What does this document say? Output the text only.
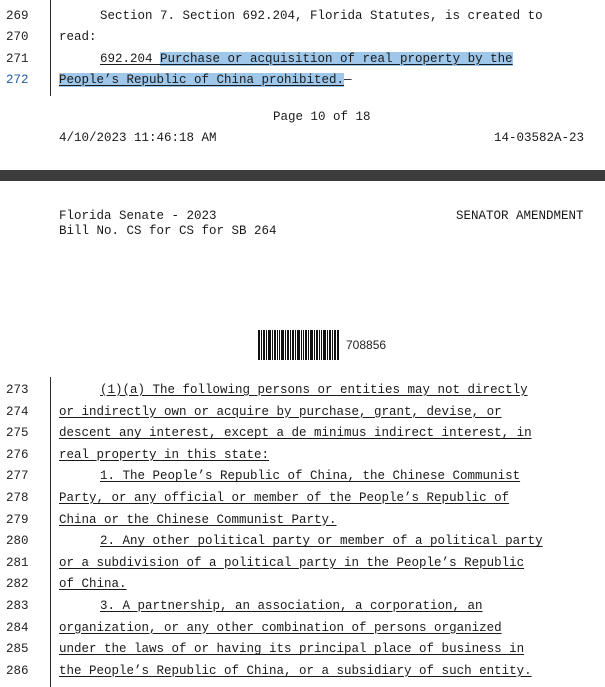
269	Section 7. Section 692.204, Florida Statutes, is created to
270	read:
271	692.204 Purchase or acquisition of real property by the
272	People’s Republic of China prohibited.—
Page 10 of 18
4/10/2023 11:46:18 AM	14-03582A-23
Florida Senate - 2023	SENATOR AMENDMENT
Bill No. CS for CS for SB 264
708856
273	(1)(a) The following persons or entities may not directly
274	or indirectly own or acquire by purchase, grant, devise, or
275	descent any interest, except a de minimus indirect interest, in
276	real property in this state:
277	1. The People’s Republic of China, the Chinese Communist
278	Party, or any official or member of the People’s Republic of
279	China or the Chinese Communist Party.
280	2. Any other political party or member of a political party
281	or a subdivision of a political party in the People’s Republic
282	of China.
283	3. A partnership, an association, a corporation, an
284	organization, or any other combination of persons organized
285	under the laws of or having its principal place of business in
286	the People’s Republic of China, or a subsidiary of such entity.
